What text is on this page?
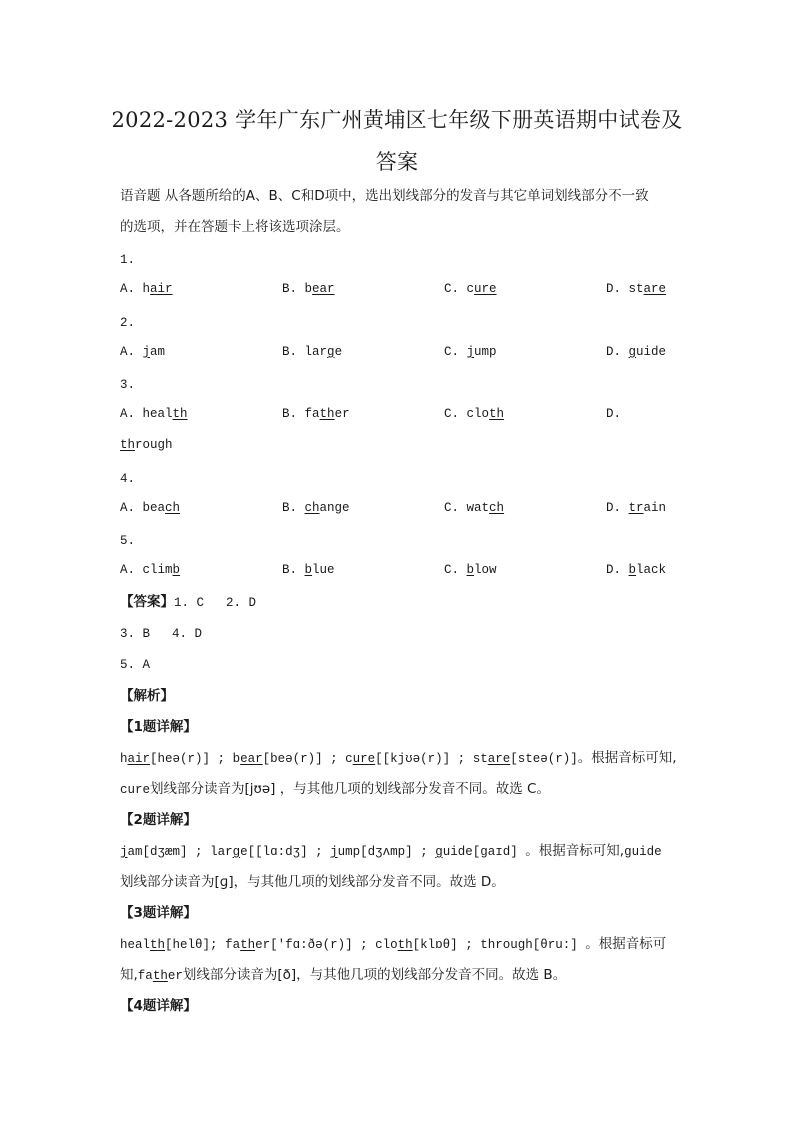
2022-2023 学年广东广州黄埔区七年级下册英语期中试卷及
答案
语音题 从各题所给的A、B、C和D项中，选出划线部分的发音与其它单词划线部分不一致
的选项，并在答题卡上将该选项涂层。
1.
A. hair	B. bear	C. cure	D. stare
2.
A. jam	B. large	C. jump	D. guide
3.
A. health	B. father	C. cloth	D.
through
4.
A. beach	B. change	C. watch	D. train
5.
A. climb	B. blue	C. blow	D. black
【答案】1. C 2. D
3. B 4. D
5. A
【解析】
【1题详解】
hair[heə(r)] ; bear[beə(r)] ; cure[[kjʊə(r)] ; stare[steə(r)]。根据音标可知,
cure划线部分读音为[jʊə] ，与其他几项的划线部分发音不同。故选 C。
【2题详解】
jam[dʒæm] ; large[[lɑ:dʒ] ; jump[dʒʌmp] ; guide[ɡaɪd] 。根据音标可知,guide
划线部分读音为[ɡ]，与其他几项的划线部分发音不同。故选 D。
【3题详解】
health[helθ]; father['fɑ:ðə(r)] ; cloth[klɒθ] ; through[θru:] 。根据音标可
知,father划线部分读音为[ð]，与其他几项的划线部分发音不同。故选 B。
【4题详解】
